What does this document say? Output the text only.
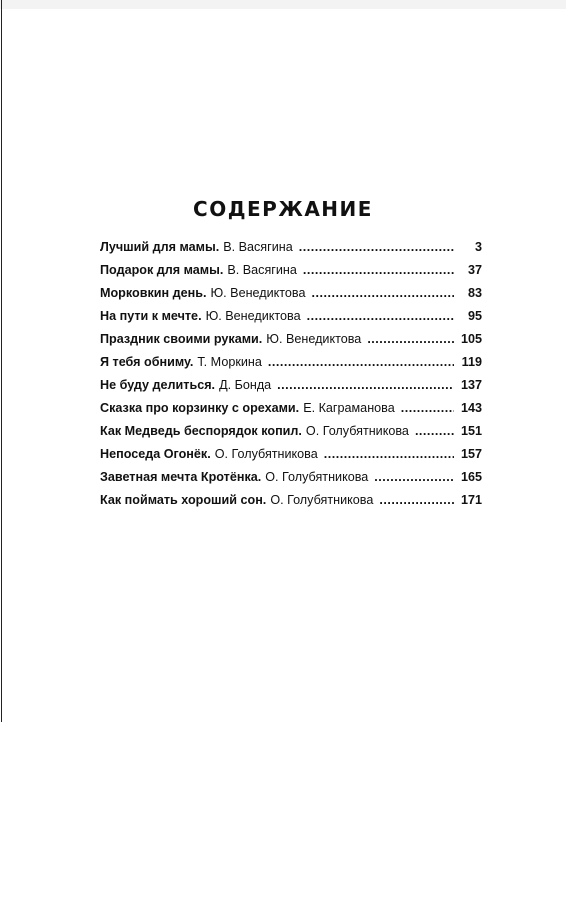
СОДЕРЖАНИЕ
Лучший для мамы. В. Васягина .....	3
Подарок для мамы. В. Васягина .....	37
Морковкин день. Ю. Венедиктова .....	83
На пути к мечте. Ю. Венедиктова .....	95
Праздник своими руками. Ю. Венедиктова .....	105
Я тебя обниму. Т. Моркина .....	119
Не буду делиться. Д. Бонда .....	137
Сказка про корзинку с орехами. Е. Каграманова .....	143
Как Медведь беспорядок копил. О. Голубятникова .....	151
Непоседа Огонёк. О. Голубятникова .....	157
Заветная мечта Кротёнка. О. Голубятникова .....	165
Как поймать хороший сон. О. Голубятникова .....	171
